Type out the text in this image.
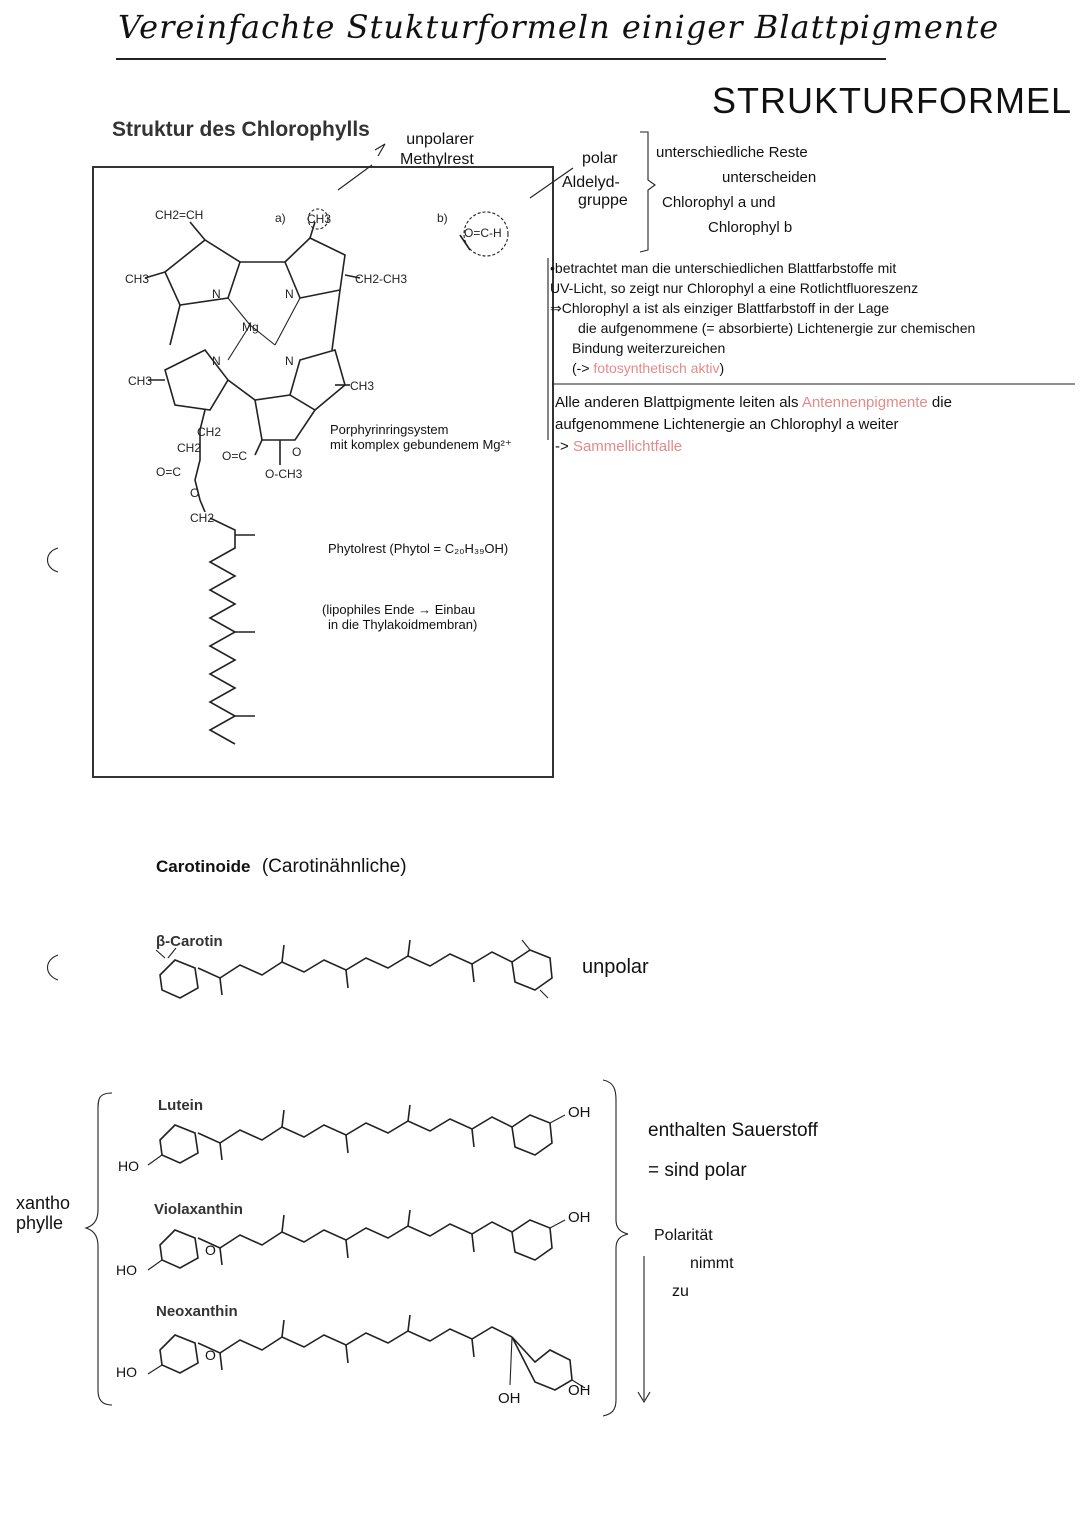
Vereinfachte Stukturformeln einiger Blattpigmente
STRUKTURFORMEL
Struktur des Chlorophylls	unpolarer
Methylrest
CH2=CH
CH3
CH3
CH2-CH3
CH3
Mg
N	N
N	N
a) CH3	b)
O=C-H
CH2
CH2
O=C
O=C
O
O
O-CH3
CH2
Porphyrinringsystem
mit komplex gebundenem Mg²⁺
Phytolrest (Phytol = C₂₀H₃₉OH)
(lipophiles Ende → Einbau
in die Thylakoidmembran)
polar
Aldelyd-
gruppe
unterschiedliche Reste
unterscheiden
Chlorophyl a und
Chlorophyl b
•betrachtet man die unterschiedlichen Blattfarbstoffe mit
UV-Licht, so zeigt nur Chlorophyl a eine Rotlichtfluoreszenz
⇒Chlorophyl a ist als einziger Blattfarbstoff in der Lage
die aufgenommene (= absorbierte) Lichtenergie zur chemischen
Bindung weiterzureichen
(-> fotosynthetisch aktiv)
Alle anderen Blattpigmente leiten als Antennenpigmente die
aufgenommene Lichtenergie an Chlorophyl a weiter
-> Sammellichtfalle
Carotinoide (Carotinähnliche)
β-Carotin
Lutein
Violaxanthin
Neoxanthin
O
O
HO
HO
HO
OH
OH
OH
OH
unpolar
enthalten Sauerstoff
= sind polar
Polarität
nimmt
zu
xantho
phylle
